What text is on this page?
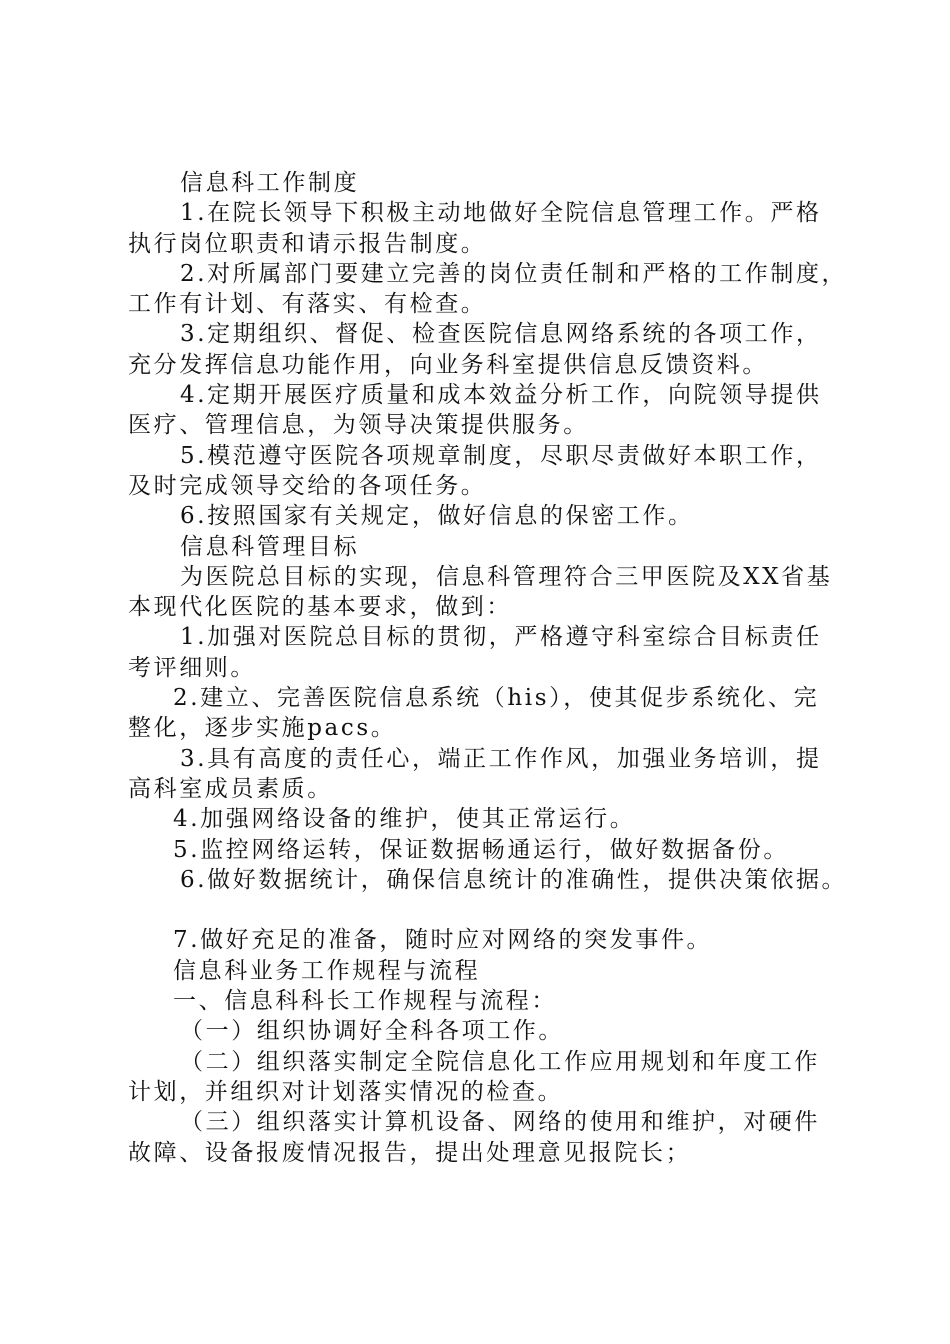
信息科工作制度
1.在院长领导下积极主动地做好全院信息管理工作。严格
执行岗位职责和请示报告制度。
2.对所属部门要建立完善的岗位责任制和严格的工作制度，
工作有计划、有落实、有检查。
3.定期组织、督促、检查医院信息网络系统的各项工作，
充分发挥信息功能作用，向业务科室提供信息反馈资料。
4.定期开展医疗质量和成本效益分析工作，向院领导提供
医疗、管理信息，为领导决策提供服务。
5.模范遵守医院各项规章制度，尽职尽责做好本职工作，
及时完成领导交给的各项任务。
6.按照国家有关规定，做好信息的保密工作。
信息科管理目标
为医院总目标的实现，信息科管理符合三甲医院及XX省基
本现代化医院的基本要求，做到：
1.加强对医院总目标的贯彻，严格遵守科室综合目标责任
考评细则。
2.建立、完善医院信息系统（his），使其促步系统化、完
整化，逐步实施pacs。
3.具有高度的责任心，端正工作作风，加强业务培训，提
高科室成员素质。
4.加强网络设备的维护，使其正常运行。
5.监控网络运转，保证数据畅通运行，做好数据备份。
6.做好数据统计，确保信息统计的准确性，提供决策依据。
7.做好充足的准备，随时应对网络的突发事件。
信息科业务工作规程与流程
一、信息科科长工作规程与流程：
（一）组织协调好全科各项工作。
（二）组织落实制定全院信息化工作应用规划和年度工作
计划，并组织对计划落实情况的检查。
（三）组织落实计算机设备、网络的使用和维护，对硬件
故障、设备报废情况报告，提出处理意见报院长；
